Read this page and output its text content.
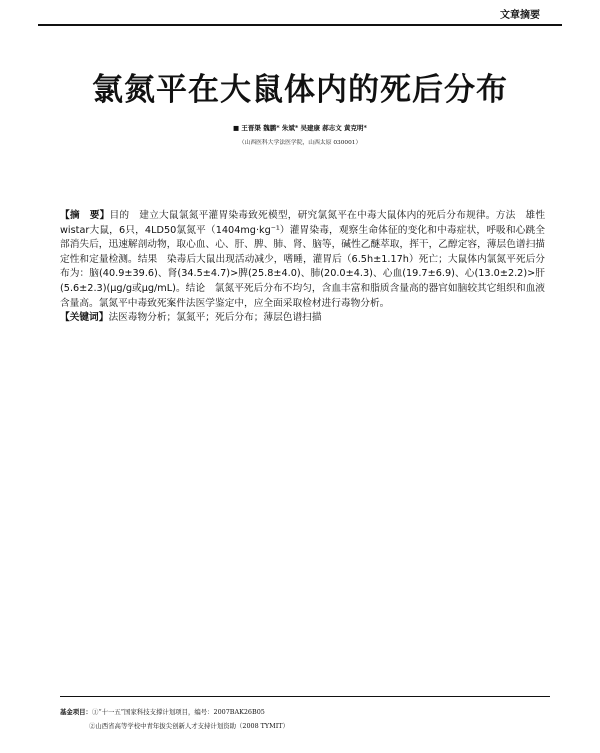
文章摘要
氯氮平在大鼠体内的死后分布
■ 王晋渠 魏鹏* 朱斌* 吴建康 郝志文 黄克明*
（山西医科大学法医学院，山西太原 030001）

【摘　要】目的　建立大鼠氯氮平灌胃染毒致死模型，研究氯氮平在中毒大鼠体内的死后分布规律。方法　雄性wistar大鼠，6只，4LD50氯氮平（1404mg·kg⁻¹）灌胃染毒，观察生命体征的变化和中毒症状，呼吸和心跳全部消失后，迅速解剖动物，取心血、心、肝、脾、肺、肾、脑等，碱性乙醚萃取，挥干，乙醇定容，薄层色谱扫描定性和定量检测。结果　染毒后大鼠出现活动减少，嗜睡，灌胃后（6.5h±1.17h）死亡；大鼠体内氯氮平死后分布为：脑(40.9±39.6)、肾(34.5±4.7)>脾(25.8±4.0)、肺(20.0±4.3)、心血(19.7±6.9)、心(13.0±2.2)>肝(5.6±2.3)(μg/g或μg/mL)。结论　氯氮平死后分布不均匀，含血丰富和脂质含量高的器官如脑较其它组织和血液含量高。氯氮平中毒致死案件法医学鉴定中，应全面采取检材进行毒物分析。

【关键词】法医毒物分析；氯氮平；死后分布；薄层色谱扫描

基金项目：①“十一五”国家科技支撑计划项目，编号：2007BAK26B05
②山西省高等学校中青年拔尖创新人才支持计划资助（2008 TYMIT）
